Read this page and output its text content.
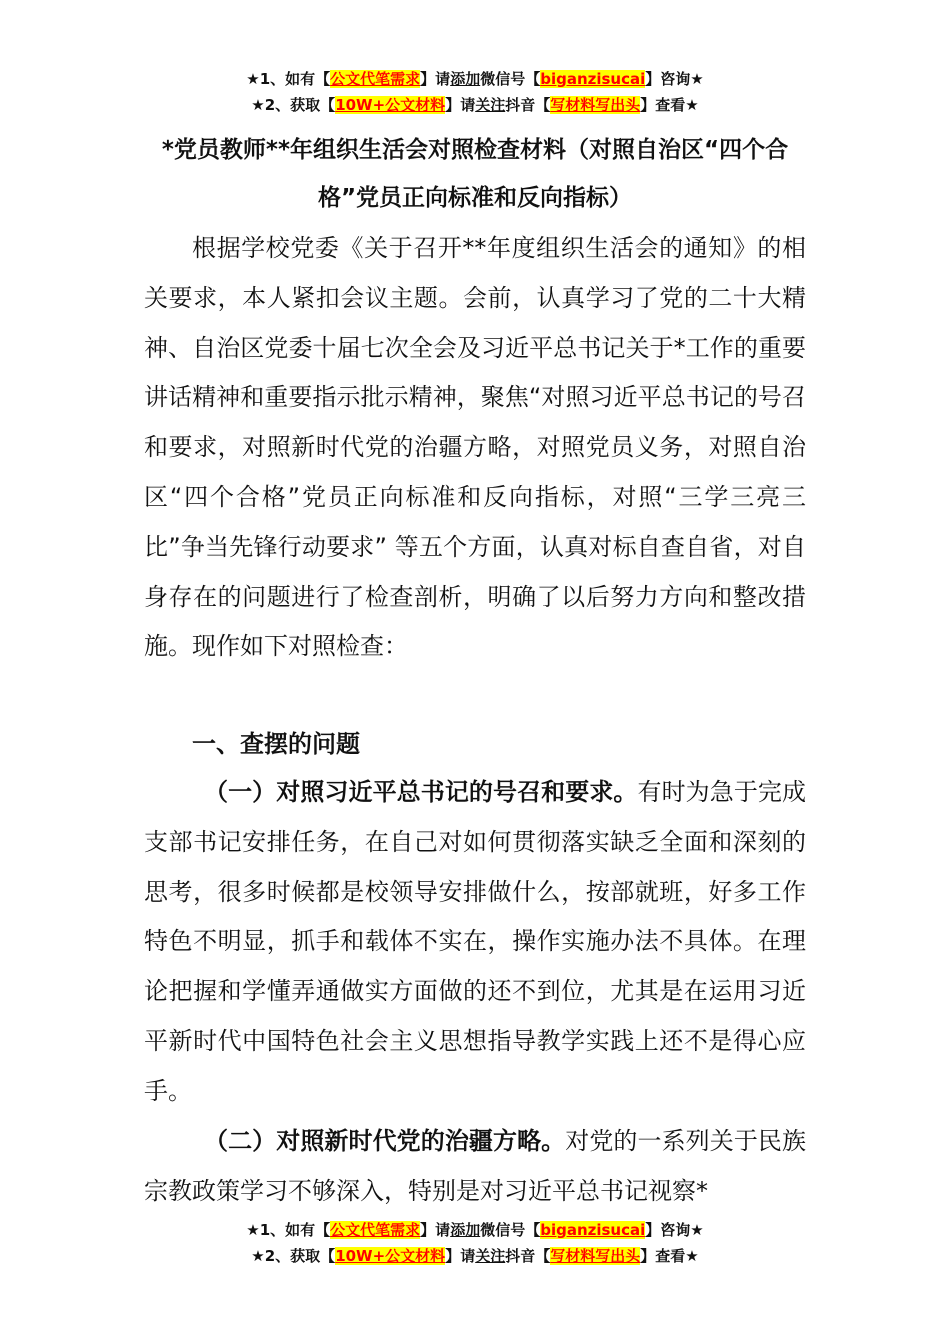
★1、如有【公文代笔需求】请添加微信号【biganzisucai】咨询★
★2、获取【10W+公文材料】请关注抖音【写材料写出头】查看★
*党员教师**年组织生活会对照检查材料（对照自治区“四个合格”党员正向标准和反向指标）

根据学校党委《关于召开**年度组织生活会的通知》的相关要求，本人紧扣会议主题。会前，认真学习了党的二十大精神、自治区党委十届七次全会及习近平总书记关于*工作的重要讲话精神和重要指示批示精神，聚焦“对照习近平总书记的号召和要求，对照新时代党的治疆方略，对照党员义务，对照自治区“四个合格”党员正向标准和反向指标，对照“三学三亮三比”争当先锋行动要求” 等五个方面，认真对标自查自省，对自身存在的问题进行了检查剖析，明确了以后努力方向和整改措施。现作如下对照检查：

一、查摆的问题

（一）对照习近平总书记的号召和要求。有时为急于完成支部书记安排任务，在自己对如何贯彻落实缺乏全面和深刻的思考，很多时候都是校领导安排做什么，按部就班，好多工作特色不明显，抓手和载体不实在，操作实施办法不具体。在理论把握和学懂弄通做实方面做的还不到位，尤其是在运用习近平新时代中国特色社会主义思想指导教学实践上还不是得心应手。

（二）对照新时代党的治疆方略。对党的一系列关于民族宗教政策学习不够深入，特别是对习近平总书记视察*

★1、如有【公文代笔需求】请添加微信号【biganzisucai】咨询★
★2、获取【10W+公文材料】请关注抖音【写材料写出头】查看★
